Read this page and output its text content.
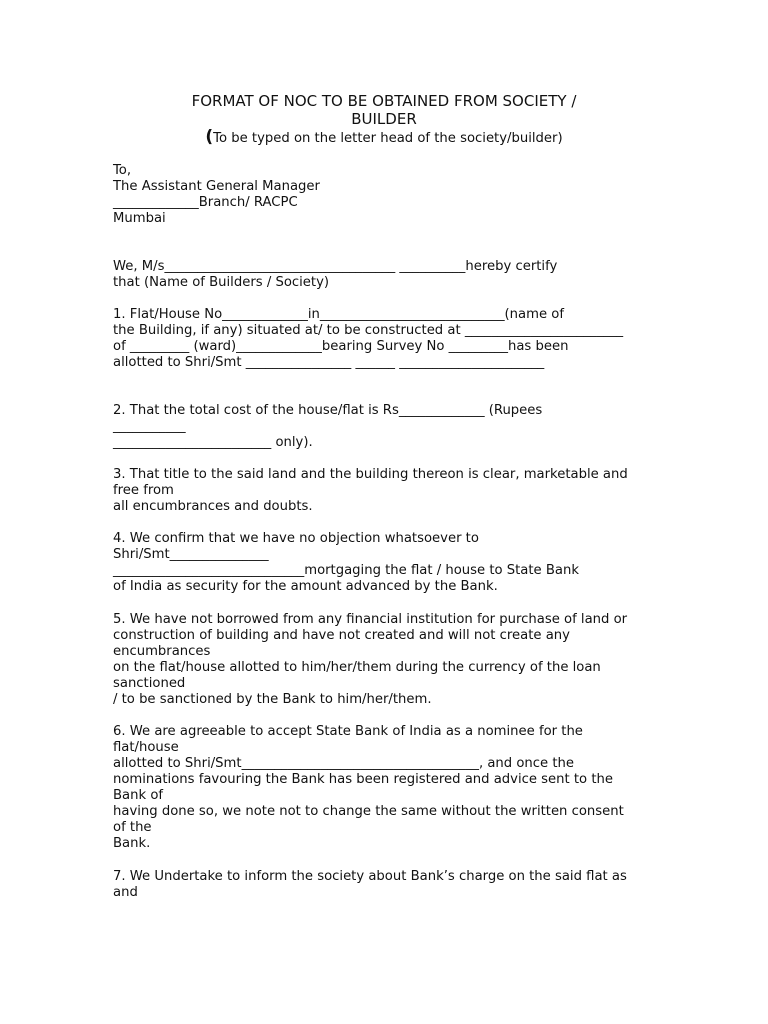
FORMAT OF NOC TO BE OBTAINED FROM SOCIETY /
BUILDER
(To be typed on the letter head of the society/builder)
To,
The Assistant General Manager
_____________Branch/ RACPC
Mumbai
We, M/s___________________________________ __________hereby certify
that (Name of Builders / Society)
1. Flat/House No_____________in____________________________(name of
the Building, if any) situated at/ to be constructed at ________________________
of _________ (ward)_____________bearing Survey No _________has been
allotted to Shri/Smt ________________ ______ ______________________
2. That the total cost of the house/flat is Rs_____________ (Rupees
___________
________________________ only).
3. That title to the said land and the building thereon is clear, marketable and
free from
all encumbrances and doubts.
4. We confirm that we have no objection whatsoever to
Shri/Smt_______________
_____________________________mortgaging the flat / house to State Bank
of India as security for the amount advanced by the Bank.
5. We have not borrowed from any financial institution for purchase of land or
construction of building and have not created and will not create any
encumbrances
on the flat/house allotted to him/her/them during the currency of the loan
sanctioned
/ to be sanctioned by the Bank to him/her/them.
6. We are agreeable to accept State Bank of India as a nominee for the
flat/house
allotted to Shri/Smt____________________________________, and once the
nominations favouring the Bank has been registered and advice sent to the
Bank of
having done so, we note not to change the same without the written consent
of the
Bank.
7. We Undertake to inform the society about Bank’s charge on the said flat as
and
